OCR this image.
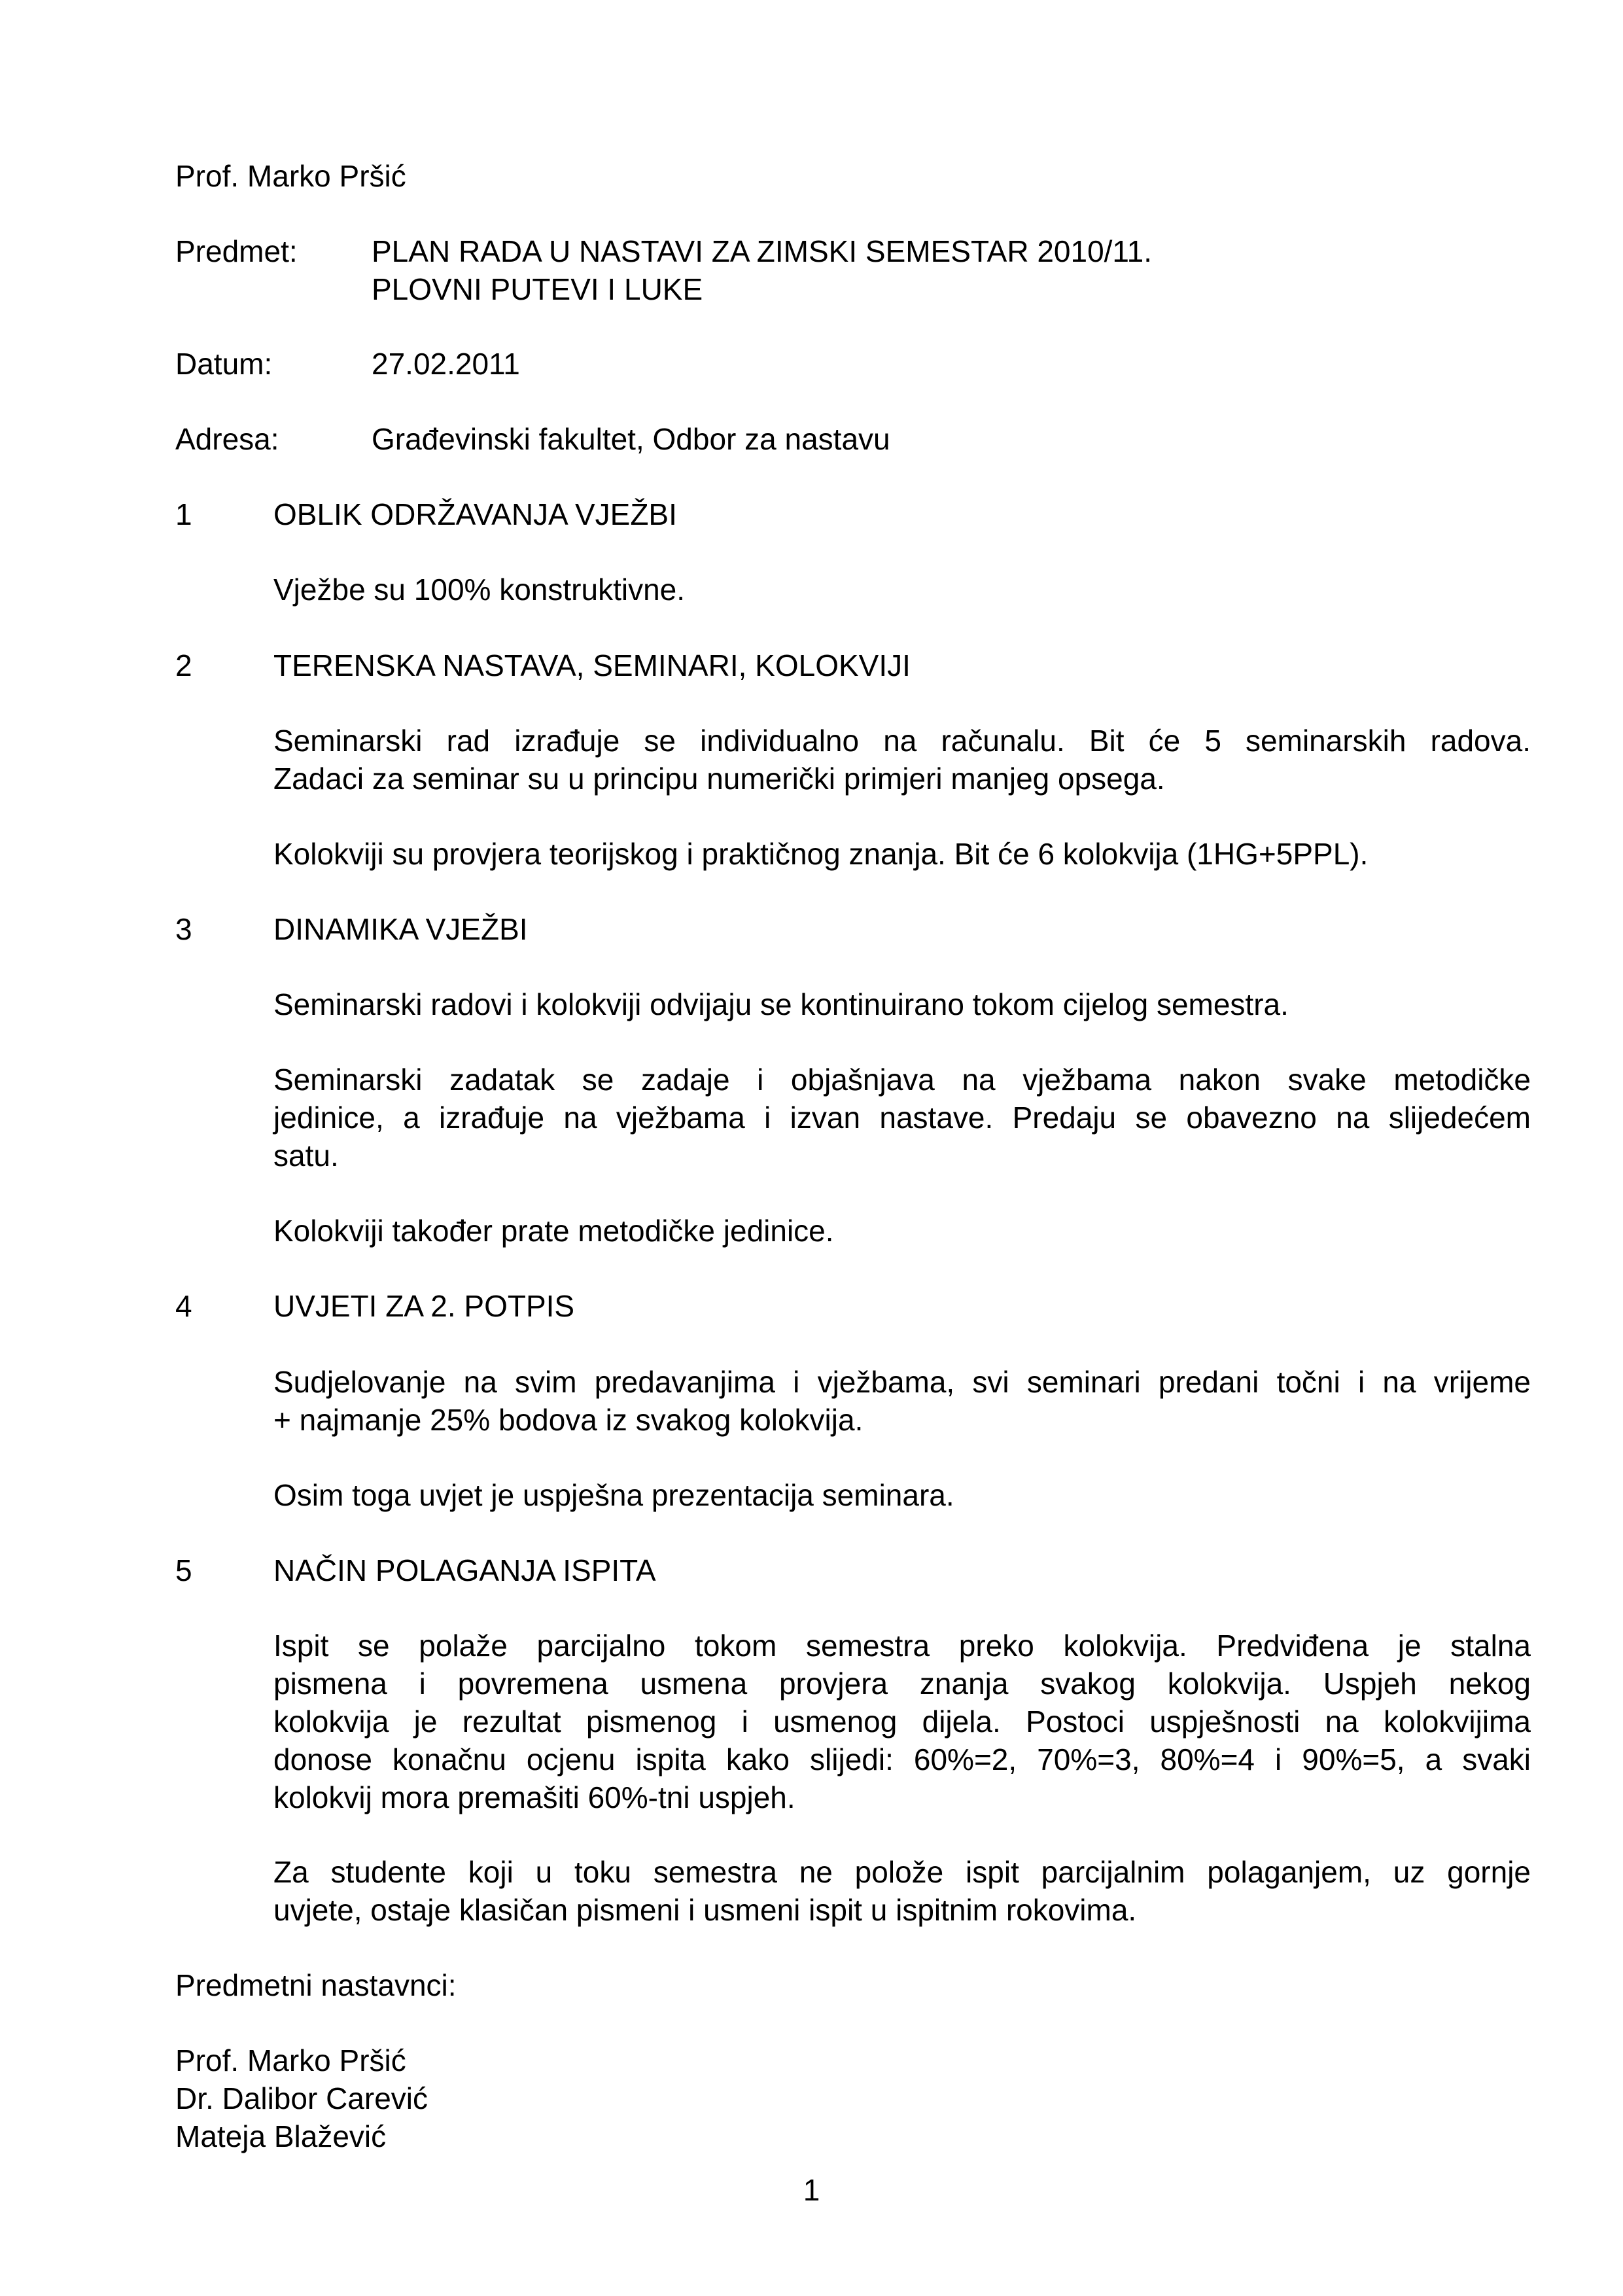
Prof. Marko Pršić
Predmet: PLAN RADA U NASTAVI ZA ZIMSKI SEMESTAR 2010/11.
PLOVNI PUTEVI I LUKE
Datum:	27.02.2011
Adresa:	Građevinski fakultet, Odbor za nastavu
1	OBLIK ODRŽAVANJA VJEŽBI
Vježbe su 100% konstruktivne.
2	TERENSKA NASTAVA, SEMINARI, KOLOKVIJI
Seminarski rad izrađuje se individualno na računalu. Bit će 5 seminarskih radova.
Zadaci za seminar su u principu numerički primjeri manjeg opsega.
Kolokviji su provjera teorijskog i praktičnog znanja. Bit će 6 kolokvija (1HG+5PPL).
3	DINAMIKA VJEŽBI
Seminarski radovi i kolokviji odvijaju se kontinuirano tokom cijelog semestra.
Seminarski zadatak se zadaje i objašnjava na vježbama nakon svake metodičke
jedinice, a izrađuje na vježbama i izvan nastave. Predaju se obavezno na slijedećem
satu.
Kolokviji također prate metodičke jedinice.
4	UVJETI ZA 2. POTPIS
Sudjelovanje na svim predavanjima i vježbama, svi seminari predani točni i na vrijeme
+ najmanje 25% bodova iz svakog kolokvija.
Osim toga uvjet je uspješna prezentacija seminara.
5	NAČIN POLAGANJA ISPITA
Ispit se polaže parcijalno tokom semestra preko kolokvija. Predviđena je stalna
pismena i povremena usmena provjera znanja svakog kolokvija. Uspjeh nekog
kolokvija je rezultat pismenog i usmenog dijela. Postoci uspješnosti na kolokvijima
donose konačnu ocjenu ispita kako slijedi: 60%=2, 70%=3, 80%=4 i 90%=5, a svaki
kolokvij mora premašiti 60%-tni uspjeh.
Za studente koji u toku semestra ne polože ispit parcijalnim polaganjem, uz gornje
uvjete, ostaje klasičan pismeni i usmeni ispit u ispitnim rokovima.
Predmetni nastavnci:
Prof. Marko Pršić
Dr. Dalibor Carević
Mateja Blažević
1
